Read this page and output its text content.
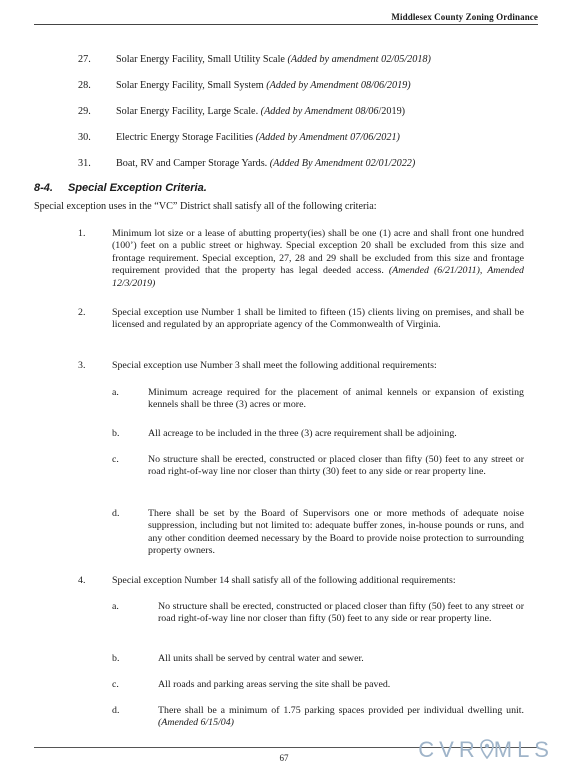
Middlesex County Zoning Ordinance
27. Solar Energy Facility, Small Utility Scale (Added by amendment 02/05/2018)
28. Solar Energy Facility, Small System (Added by Amendment 08/06/2019)
29. Solar Energy Facility, Large Scale. (Added by Amendment 08/06/2019)
30. Electric Energy Storage Facilities (Added by Amendment 07/06/2021)
31. Boat, RV and Camper Storage Yards. (Added By Amendment 02/01/2022)
8-4. Special Exception Criteria.
Special exception uses in the “VC” District shall satisfy all of the following criteria:
1.	Minimum lot size or a lease of abutting property(ies) shall be one (1) acre and shall front one hundred (100’) feet on a public street or highway. Special exception 20 shall be excluded from this size and frontage requirement. Special exception, 27, 28 and 29 shall be excluded from this size and frontage requirement provided that the property has legal deeded access. (Amended (6/21/2011), Amended 12/3/2019)
2.	Special exception use Number 1 shall be limited to fifteen (15) clients living on premises, and shall be licensed and regulated by an appropriate agency of the Commonwealth of Virginia.
3.	Special exception use Number 3 shall meet the following additional requirements:
a.	Minimum acreage required for the placement of animal kennels or expansion of existing kennels shall be three (3) acres or more.
b.	All acreage to be included in the three (3) acre requirement shall be adjoining.
c.	No structure shall be erected, constructed or placed closer than fifty (50) feet to any street or road right-of-way line nor closer than thirty (30) feet to any side or rear property line.
d.	There shall be set by the Board of Supervisors one or more methods of adequate noise suppression, including but not limited to: adequate buffer zones, in-house pounds or runs, and any other condition deemed necessary by the Board to provide noise protection to surrounding property owners.
4.	Special exception Number 14 shall satisfy all of the following additional requirements:
a.	No structure shall be erected, constructed or placed closer than fifty (50) feet to any street or road right-of-way line nor closer than fifty (50) feet to any side or rear property line.
b.	All units shall be served by central water and sewer.
c.	All roads and parking areas serving the site shall be paved.
d.	There shall be a minimum of 1.75 parking spaces provided per individual dwelling unit. (Amended 6/15/04)
67	CVR MLS
